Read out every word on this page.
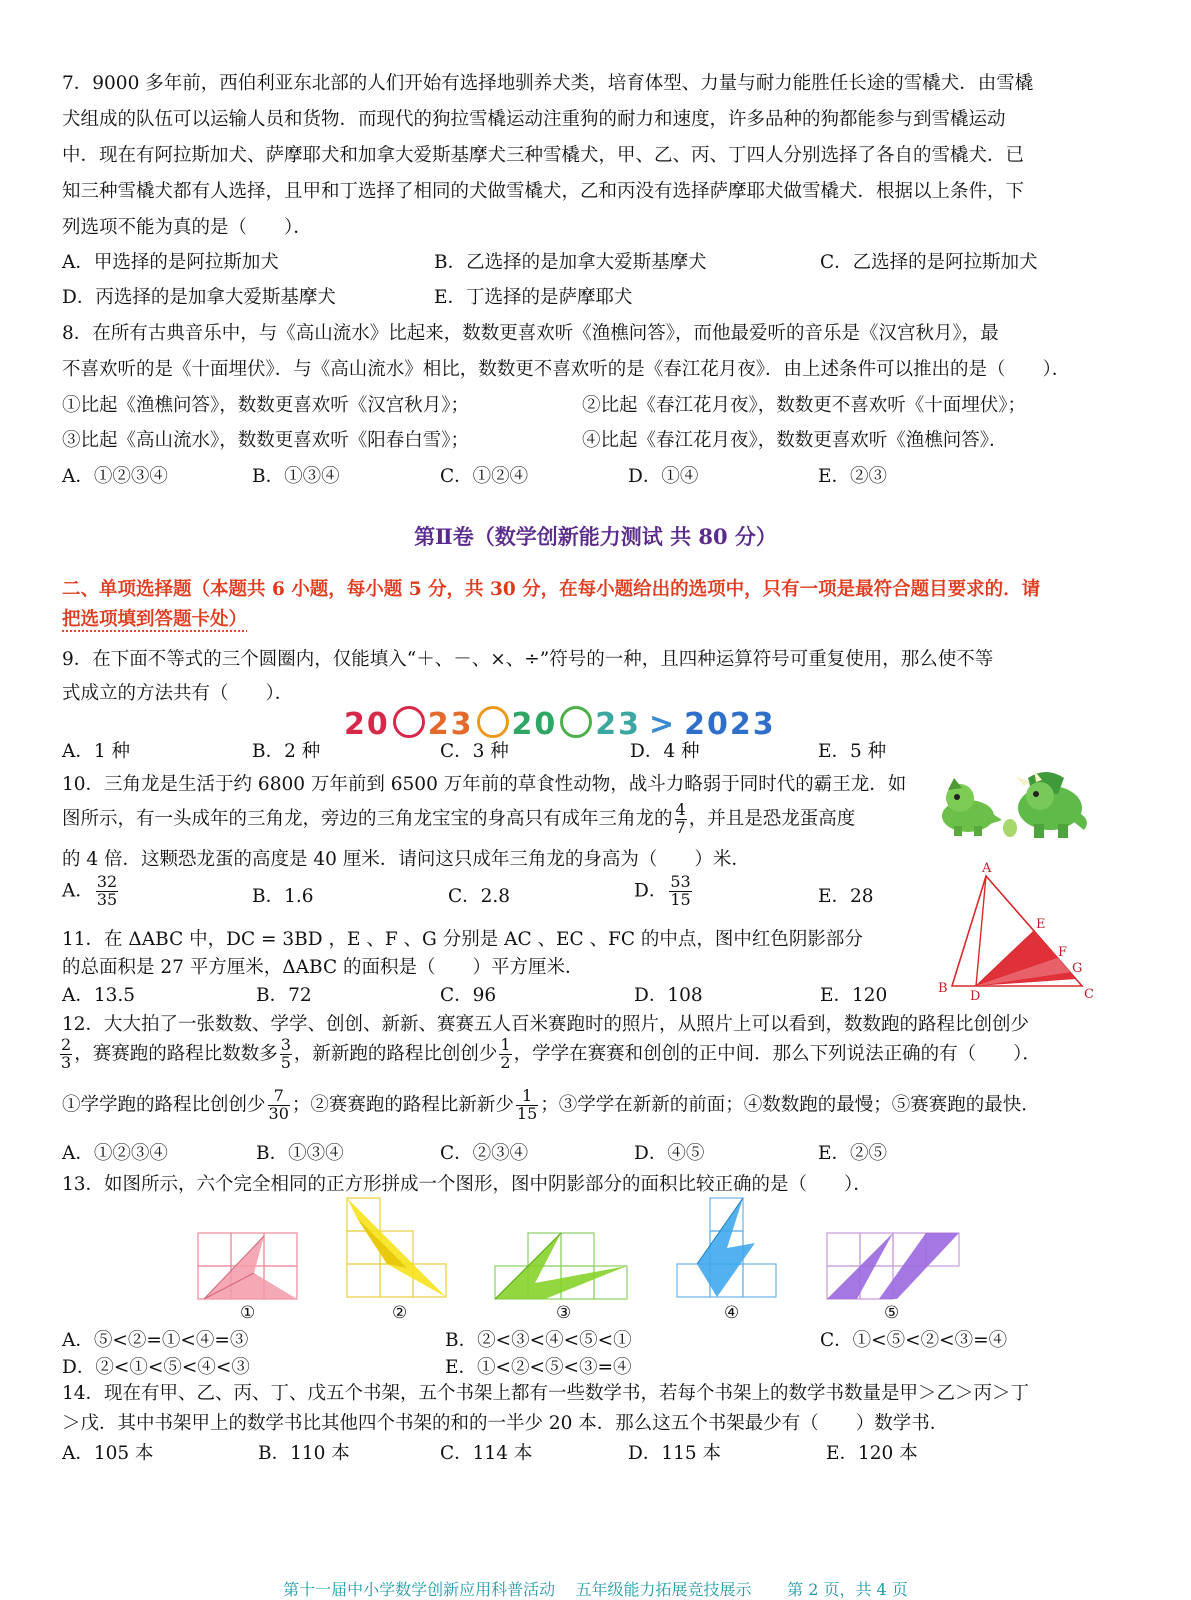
7．9000 多年前，西伯利亚东北部的人们开始有选择地驯养犬类，培育体型、力量与耐力能胜任长途的雪橇犬．由雪橇
犬组成的队伍可以运输人员和货物．而现代的狗拉雪橇运动注重狗的耐力和速度，许多品种的狗都能参与到雪橇运动
中．现在有阿拉斯加犬、萨摩耶犬和加拿大爱斯基摩犬三种雪橇犬，甲、乙、丙、丁四人分别选择了各自的雪橇犬．已
知三种雪橇犬都有人选择，且甲和丁选择了相同的犬做雪橇犬，乙和丙没有选择萨摩耶犬做雪橇犬．根据以上条件，下
列选项不能为真的是（　　）．
A．甲选择的是阿拉斯加犬	B．乙选择的是加拿大爱斯基摩犬	C．乙选择的是阿拉斯加犬
D．丙选择的是加拿大爱斯基摩犬	E．丁选择的是萨摩耶犬
8．在所有古典音乐中，与《高山流水》比起来，数数更喜欢听《渔樵问答》，而他最爱听的音乐是《汉宫秋月》，最
不喜欢听的是《十面埋伏》．与《高山流水》相比，数数更不喜欢听的是《春江花月夜》．由上述条件可以推出的是（　　）．
①比起《渔樵问答》，数数更喜欢听《汉宫秋月》；	②比起《春江花月夜》，数数更不喜欢听《十面埋伏》；
③比起《高山流水》，数数更喜欢听《阳春白雪》；	④比起《春江花月夜》，数数更喜欢听《渔樵问答》．
A．①②③④	B．①③④	C．①②④	D．①④	E．②③
第Ⅱ卷（数学创新能力测试 共 80 分）
二、单项选择题（本题共 6 小题，每小题 5 分，共 30 分，在每小题给出的选项中，只有一项是最符合题目要求的．请
把选项填到答题卡处）
9．在下面不等式的三个圆圈内，仅能填入“＋、－、×、÷”符号的一种，且四种运算符号可重复使用，那么使不等
式成立的方法共有（　　）．
20 23 20 23 > 2023
A．1 种	B．2 种	C．3 种	D．4 种	E．5 种
10．三角龙是生活于约 6800 万年前到 6500 万年前的草食性动物，战斗力略弱于同时代的霸王龙．如
图所示，有一头成年的三角龙，旁边的三角龙宝宝的身高只有成年三角龙的 $\frac{4}{7}$ ，并且是恐龙蛋高度
的 4 倍．这颗恐龙蛋的高度是 40 厘米．请问这只成年三角龙的身高为（　　）米．
A． $\frac{32}{35}$	B．1.6	C．2.8	D． $\frac{53}{15}$	E．28
11．在 ΔABC 中，DC = 3BD ，E 、F 、G 分别是 AC 、EC 、FC 的中点，图中红色阴影部分
的总面积是 27 平方厘米，ΔABC 的面积是（　　）平方厘米．
A．13.5	B．72	C．96	D．108	E．120
A
B	C
D
E
F
G
12．大大拍了一张数数、学学、创创、新新、赛赛五人百米赛跑时的照片，从照片上可以看到，数数跑的路程比创创少
$\frac{2}{3}$ ，赛赛跑的路程比数数多 $\frac{3}{5}$ ，新新跑的路程比创创少 $\frac{1}{2}$ ，学学在赛赛和创创的正中间．那么下列说法正确的有（　　）．
①学学跑的路程比创创少 $\frac{7}{30}$ ；②赛赛跑的路程比新新少 $\frac{1}{15}$ ；③学学在新新的前面；④数数跑的最慢；⑤赛赛跑的最快．
A．①②③④	B．①③④	C．②③④	D．④⑤	E．②⑤
13．如图所示，六个完全相同的正方形拼成一个图形，图中阴影部分的面积比较正确的是（　　）．
①	②	③	④	⑤
A．⑤<②=①<④=③	B．②<③<④<⑤<①	C．①<⑤<②<③=④
D．②<①<⑤<④<③	E．①<②<⑤<③=④
14．现在有甲、乙、丙、丁、戊五个书架，五个书架上都有一些数学书，若每个书架上的数学书数量是甲＞乙＞丙＞丁
＞戊．其中书架甲上的数学书比其他四个书架的和的一半少 20 本．那么这五个书架最少有（　　）数学书．
A．105 本	B．110 本	C．114 本	D．115 本	E．120 本
第十一届中小学数学创新应用科普活动    五年级能力拓展竞技展示       第 2 页，共 4 页
